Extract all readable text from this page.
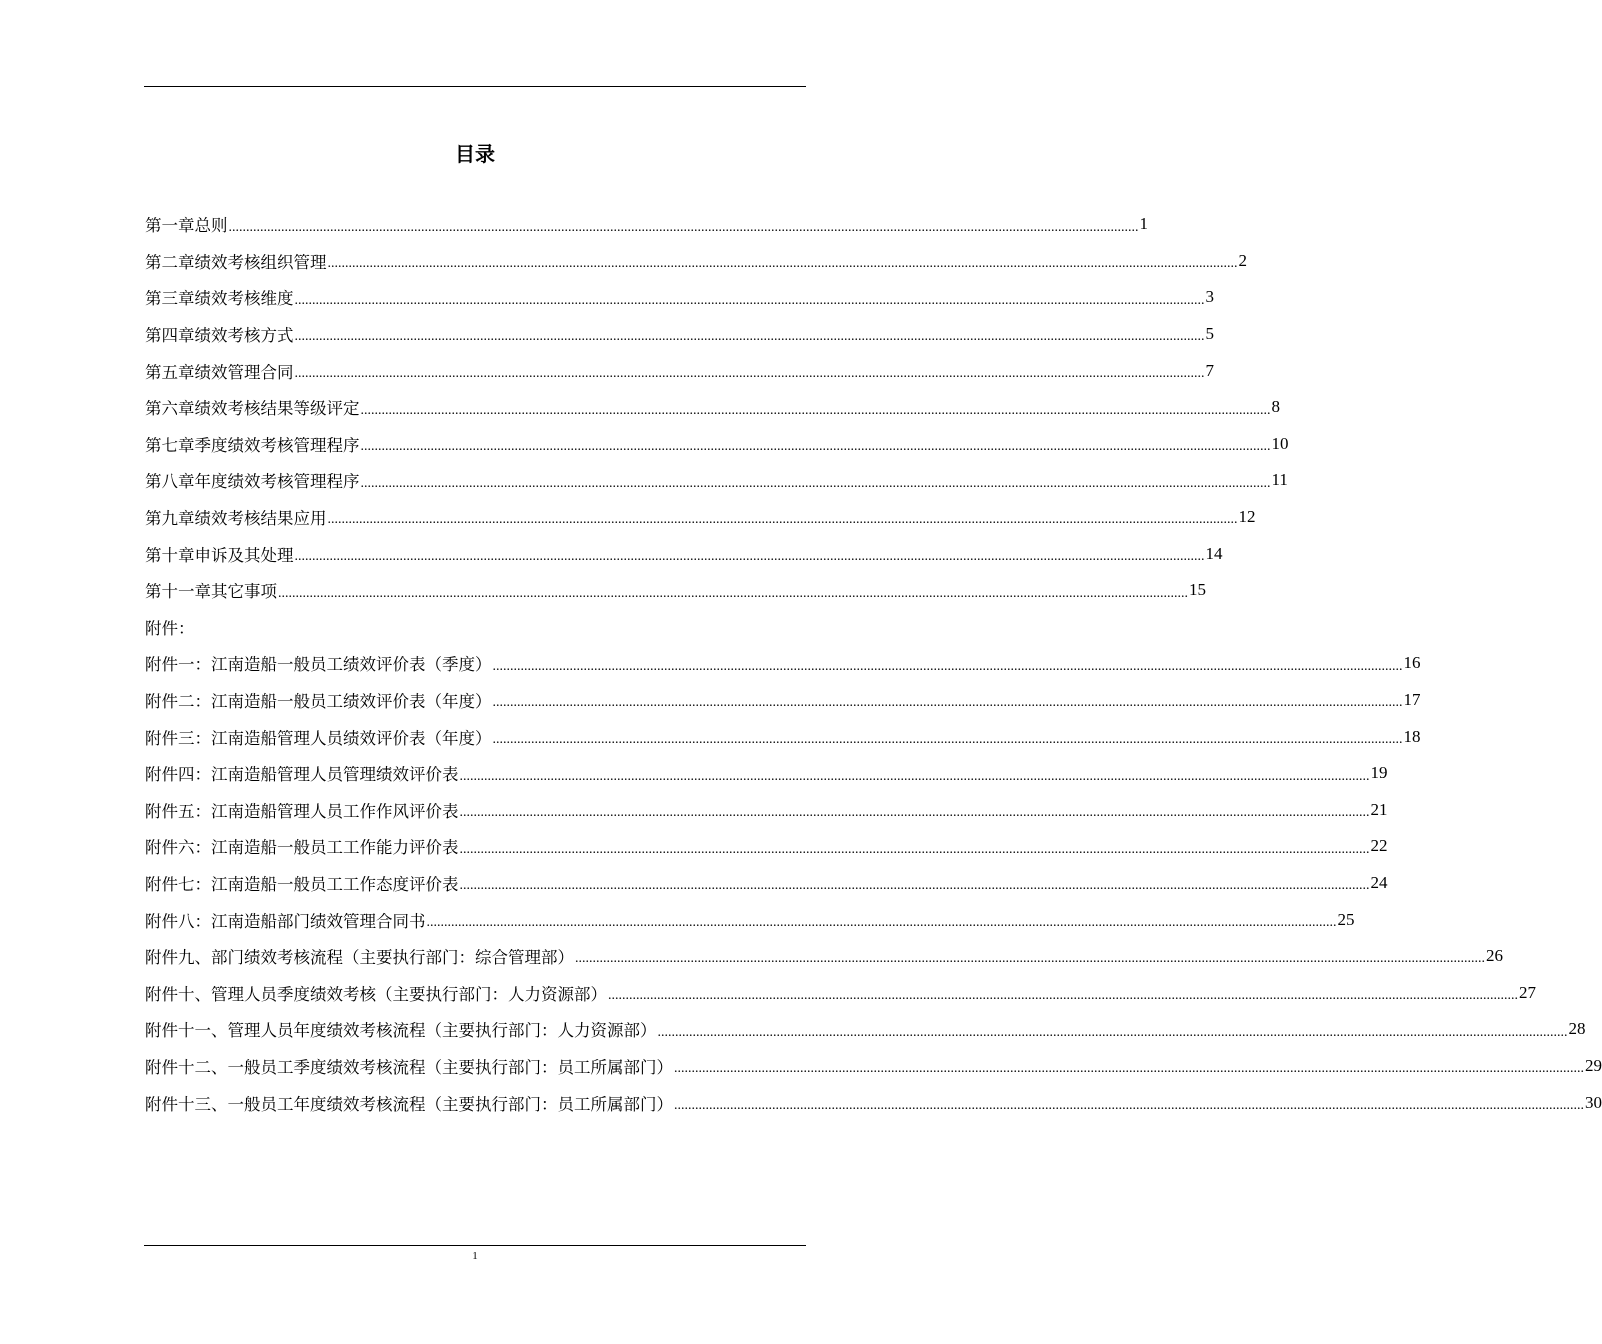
目录
第一章 总则 .................................................................................................................................................................................................................................................................... 1
第二章 绩效考核组织管理 .................................................................................................................................................................................................................................................................... 2
第三章 绩效考核维度 .................................................................................................................................................................................................................................................................... 3
第四章 绩效考核方式 .................................................................................................................................................................................................................................................................... 5
第五章 绩效管理合同 .................................................................................................................................................................................................................................................................... 7
第六章 绩效考核结果等级评定 .................................................................................................................................................................................................................................................................... 8
第七章 季度绩效考核管理程序 .................................................................................................................................................................................................................................................................... 10
第八章 年度绩效考核管理程序 .................................................................................................................................................................................................................................................................... 11
第九章 绩效考核结果应用 .................................................................................................................................................................................................................................................................... 12
第十章 申诉及其处理 .................................................................................................................................................................................................................................................................... 14
第十一章 其它事项 .................................................................................................................................................................................................................................................................... 15
附件：
附件一：江南造船一般员工绩效评价表（季度） .................................................................................................................................................................................................................................................................... 16
附件二：江南造船一般员工绩效评价表（年度） .................................................................................................................................................................................................................................................................... 17
附件三：江南造船管理人员绩效评价表（年度） .................................................................................................................................................................................................................................................................... 18
附件四：江南造船管理人员管理绩效评价表 .................................................................................................................................................................................................................................................................... 19
附件五：江南造船管理人员工作作风评价表 .................................................................................................................................................................................................................................................................... 21
附件六：江南造船一般员工工作能力评价表 .................................................................................................................................................................................................................................................................... 22
附件七：江南造船一般员工工作态度评价表 .................................................................................................................................................................................................................................................................... 24
附件八：江南造船部门绩效管理合同书 .................................................................................................................................................................................................................................................................... 25
附件九、部门绩效考核流程（主要执行部门：综合管理部） .................................................................................................................................................................................................................................................................... 26
附件十、管理人员季度绩效考核（主要执行部门：人力资源部） .................................................................................................................................................................................................................................................................... 27
附件十一、管理人员年度绩效考核流程（主要执行部门：人力资源部） .................................................................................................................................................................................................................................................................... 28
附件十二、一般员工季度绩效考核流程（主要执行部门：员工所属部门） .................................................................................................................................................................................................................................................................... 29
附件十三、一般员工年度绩效考核流程（主要执行部门：员工所属部门） .................................................................................................................................................................................................................................................................... 30
1
